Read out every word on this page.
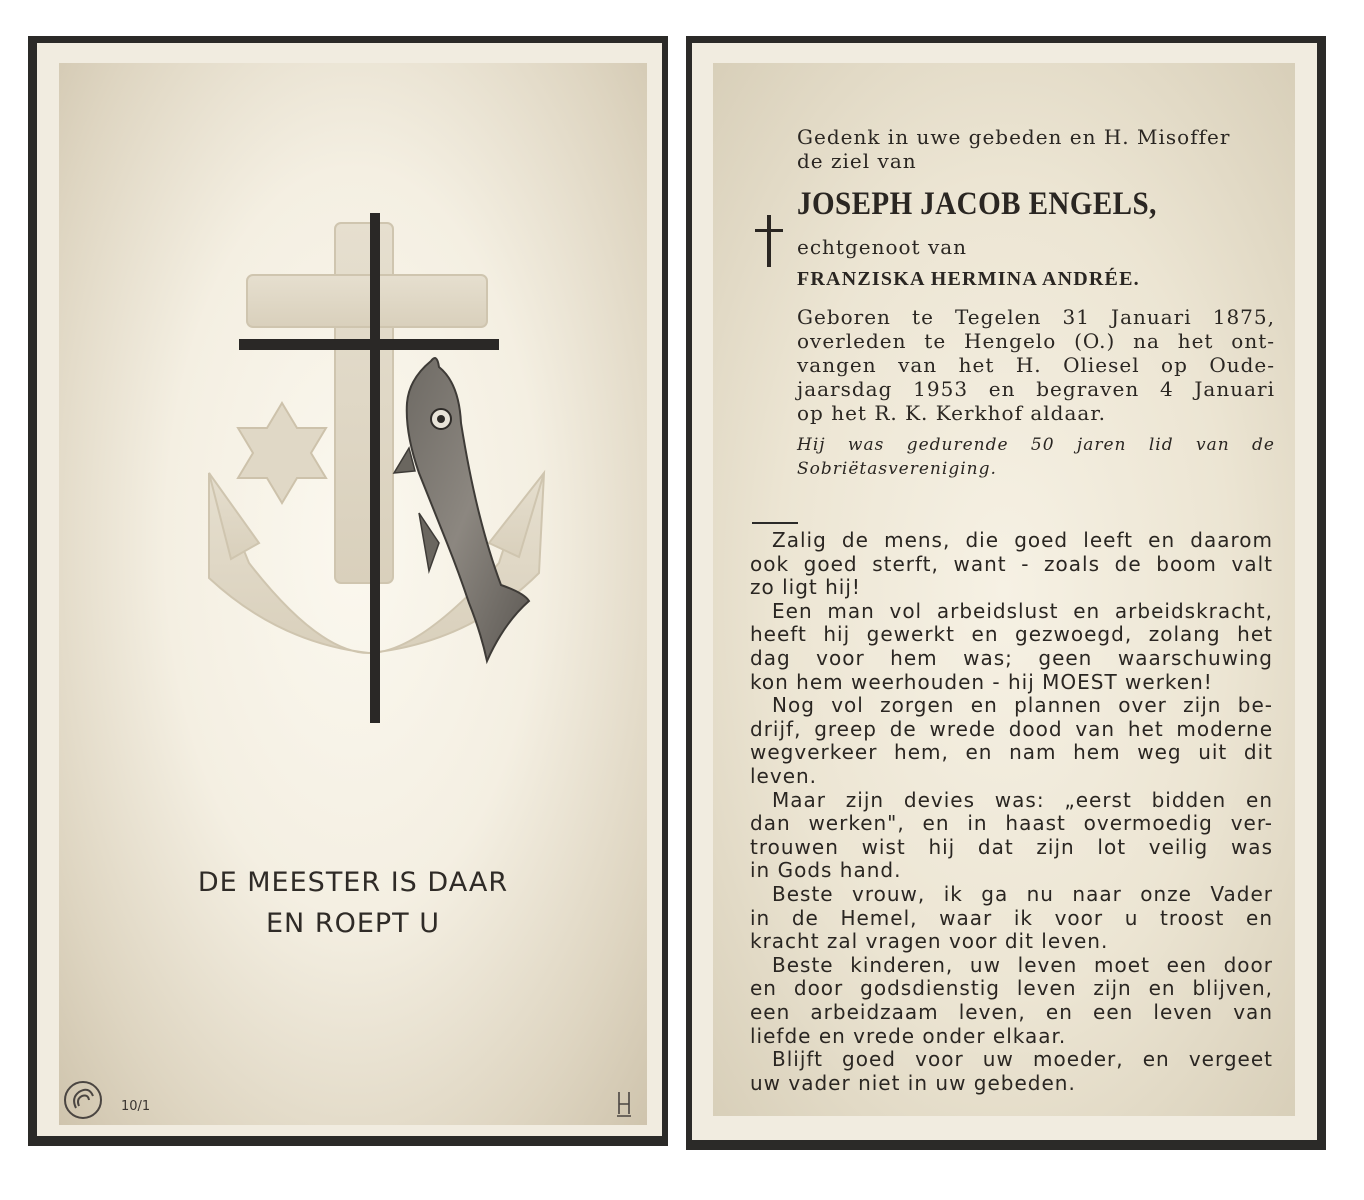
DE MEESTER IS DAAR
EN ROEPT U
10/1
Gedenk in uwe gebeden en H. Misoffer
de ziel van
JOSEPH JACOB ENGELS,
echtgenoot van
FRANZISKA HERMINA ANDRÉE.
Geboren te Tegelen 31 Januari 1875,
overleden te Hengelo (O.) na het ont-
vangen van het H. Oliesel op Oude-
jaarsdag 1953 en begraven 4 Januari
op het R. K. Kerkhof aldaar.
Hij was gedurende 50 jaren lid van de
Sobriëtasvereniging.
Zalig de mens, die goed leeft en daarom
ook goed sterft, want - zoals de boom valt
zo ligt hij!
Een man vol arbeidslust en arbeidskracht,
heeft hij gewerkt en gezwoegd, zolang het
dag voor hem was; geen waarschuwing
kon hem weerhouden - hij MOEST werken!
Nog vol zorgen en plannen over zijn be-
drijf, greep de wrede dood van het moderne
wegverkeer hem, en nam hem weg uit dit
leven.
Maar zijn devies was: „eerst bidden en
dan werken", en in haast overmoedig ver-
trouwen wist hij dat zijn lot veilig was
in Gods hand.
Beste vrouw, ik ga nu naar onze Vader
in de Hemel, waar ik voor u troost en
kracht zal vragen voor dit leven.
Beste kinderen, uw leven moet een door
en door godsdienstig leven zijn en blijven,
een arbeidzaam leven, en een leven van
liefde en vrede onder elkaar.
Blijft goed voor uw moeder, en vergeet
uw vader niet in uw gebeden.
